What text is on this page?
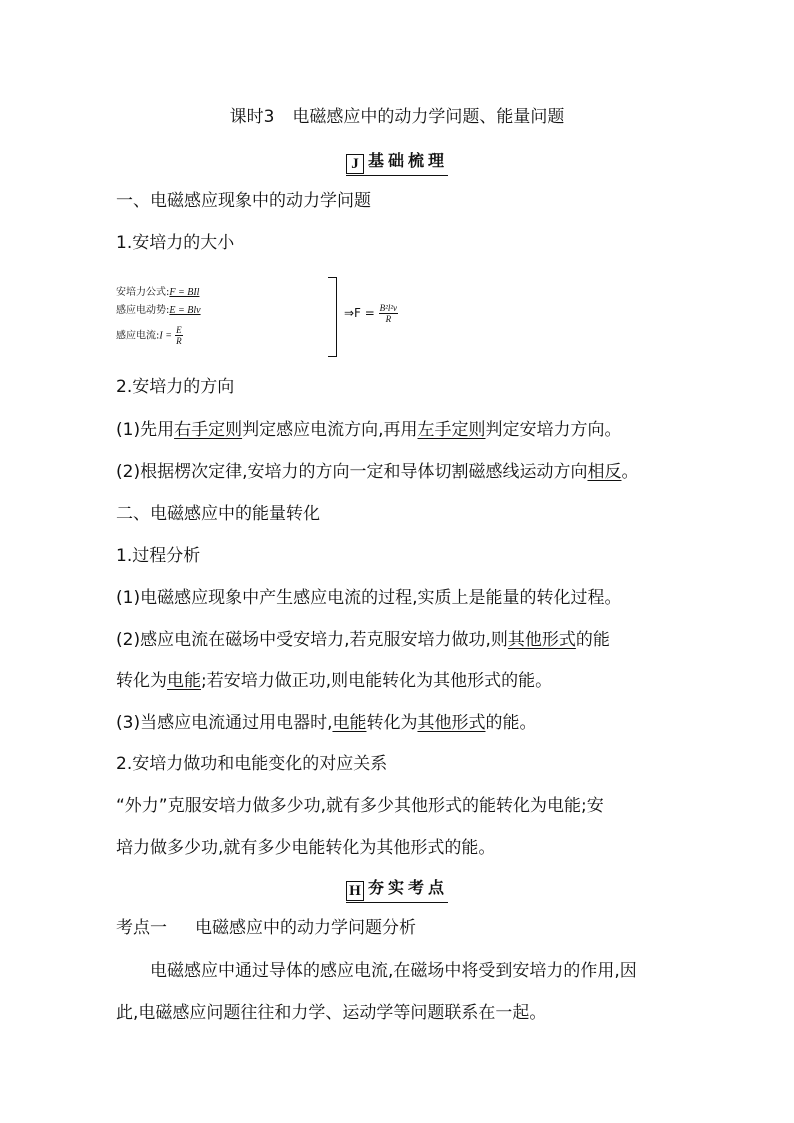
课时3 电磁感应中的动力学问题、能量问题
J 基础梳理
一、电磁感应现象中的动力学问题
1.安培力的大小
安培力公式:F = BIl
感应电动势:E = Blv
感应电流:I = $\frac{E}{R}$
⇒F = $\frac{\text{B²l²v}}{R}$
2.安培力的方向
(1)先用右手定则判定感应电流方向,再用左手定则判定安培力方向。
(2)根据楞次定律,安培力的方向一定和导体切割磁感线运动方向相反。
二、电磁感应中的能量转化
1.过程分析
(1)电磁感应现象中产生感应电流的过程,实质上是能量的转化过程。
(2)感应电流在磁场中受安培力,若克服安培力做功,则其他形式的能
转化为电能;若安培力做正功,则电能转化为其他形式的能。
(3)当感应电流通过用电器时,电能转化为其他形式的能。
2.安培力做功和电能变化的对应关系
“外力”克服安培力做多少功,就有多少其他形式的能转化为电能;安
培力做多少功,就有多少电能转化为其他形式的能。
H 夯实考点
考点一 电磁感应中的动力学问题分析
电磁感应中通过导体的感应电流,在磁场中将受到安培力的作用,因
此,电磁感应问题往往和力学、运动学等问题联系在一起。
